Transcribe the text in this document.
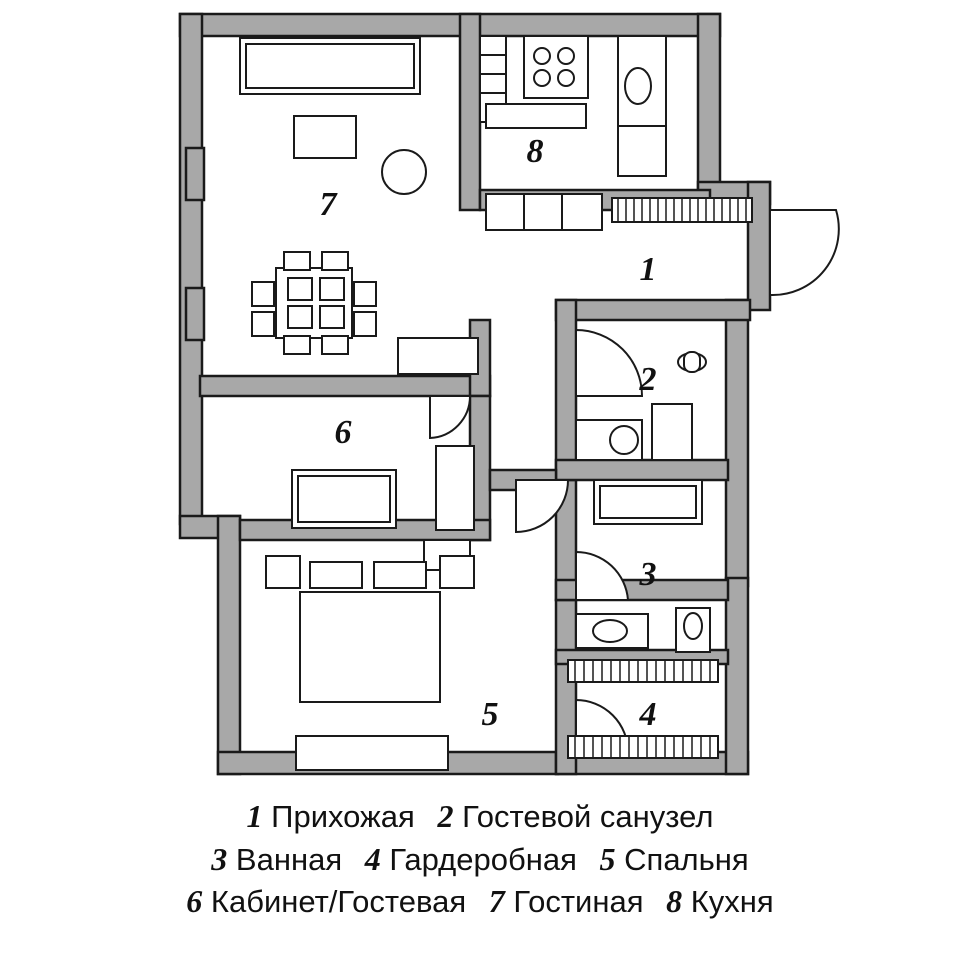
7
8
1
2
3
4
5
6
1 Прихожая 2 Гостевой санузел
3 Ванная 4 Гардеробная 5 Спальня
6 Кабинет/Гостевая 7 Гостиная 8 Кухня
